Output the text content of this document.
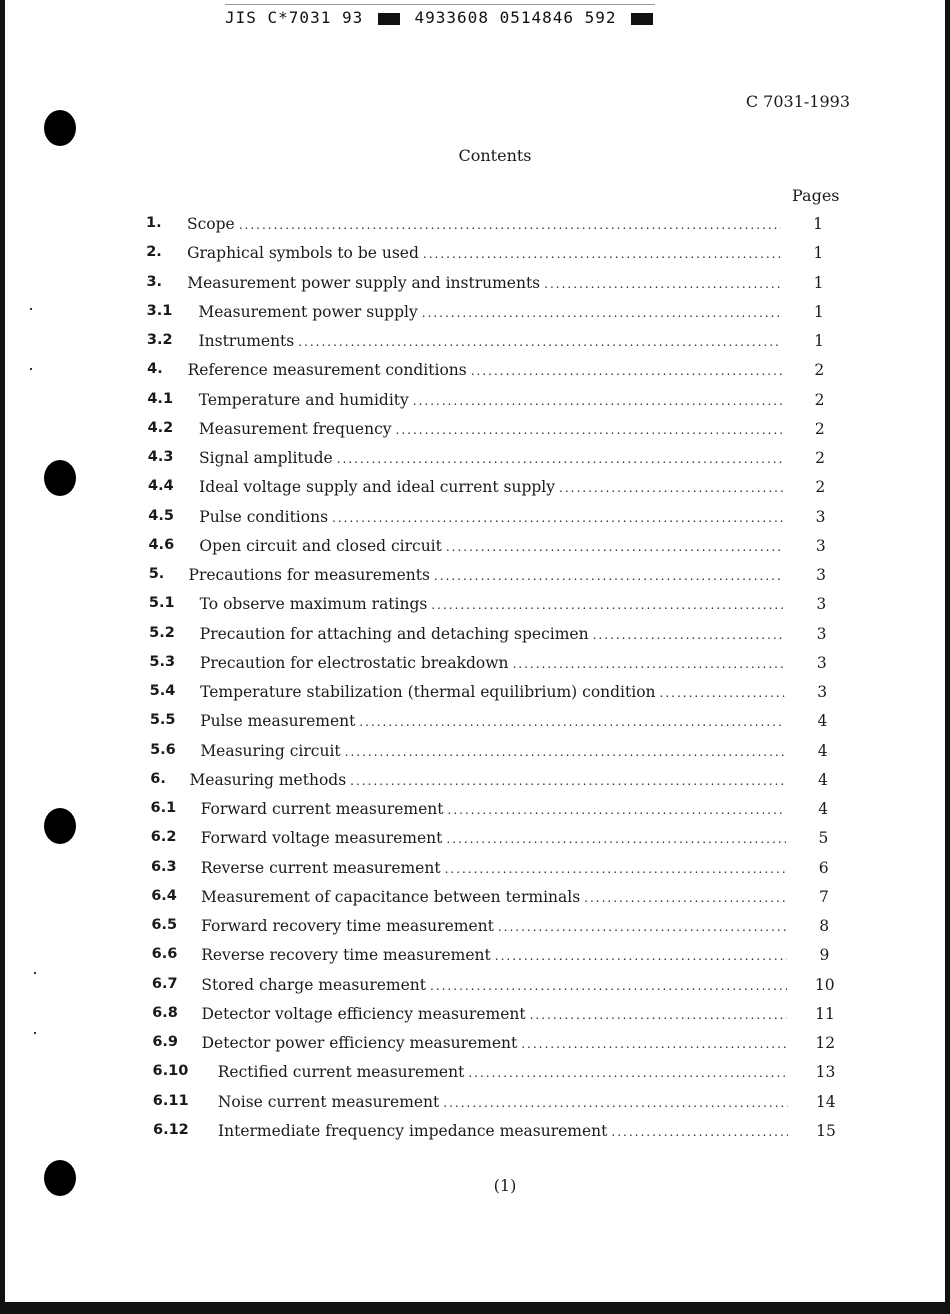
JIS C*7031 93	4933608 0514846 592
C 7031-1993
Contents
Pages
1. Scope .....	1
2. Graphical symbols to be used .....	1
3. Measurement power supply and instruments .....	1
3.1 Measurement power supply .....	1
3.2 Instruments .....	1
4. Reference measurement conditions .....	2
4.1 Temperature and humidity .....	2
4.2 Measurement frequency .....	2
4.3 Signal amplitude .....	2
4.4 Ideal voltage supply and ideal current supply .....	2
4.5 Pulse conditions .....	3
4.6 Open circuit and closed circuit .....	3
5. Precautions for measurements .....	3
5.1 To observe maximum ratings .....	3
5.2 Precaution for attaching and detaching specimen .....	3
5.3 Precaution for electrostatic breakdown .....	3
5.4 Temperature stabilization (thermal equilibrium) condition .....	3
5.5 Pulse measurement .....	4
5.6 Measuring circuit .....	4
6. Measuring methods .....	4
6.1 Forward current measurement .....	4
6.2 Forward voltage measurement .....	5
6.3 Reverse current measurement .....	6
6.4 Measurement of capacitance between terminals .....	7
6.5 Forward recovery time measurement .....	8
6.6 Reverse recovery time measurement .....	9
6.7 Stored charge measurement .....	10
6.8 Detector voltage efficiency measurement .....	11
6.9 Detector power efficiency measurement .....	12
6.10 Rectified current measurement .....	13
6.11 Noise current measurement .....	14
6.12 Intermediate frequency impedance measurement .....	15
(1)
